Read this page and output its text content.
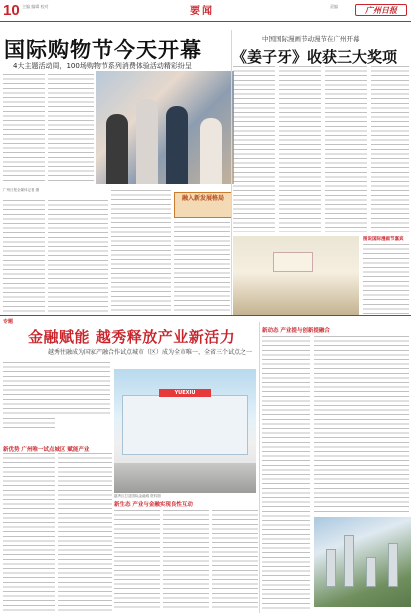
10 主编 编辑 校对	要闻	责编	广州日报
国际购物节今天开幕
4大主题活动周，100场购物节系列消费体验活动精彩纷呈
广州日报全媒体记者 摄
融入新发展格局
中国国际漫画节动漫节在广州开幕
《姜子牙》收获三大奖项
图说国际漫画节嘉宾
专题
金融赋能 越秀释放产业新活力
越秀往融成为国家产融合作试点城市（区）成为全市唯一、全省三个试点之一
YUEXIU
越秀区打造国际金融城 资料图
新优势 广州唯一试点城区 赋能产业
新生态 产业与金融实现良性互动
新动态 产业提与创新提融合
